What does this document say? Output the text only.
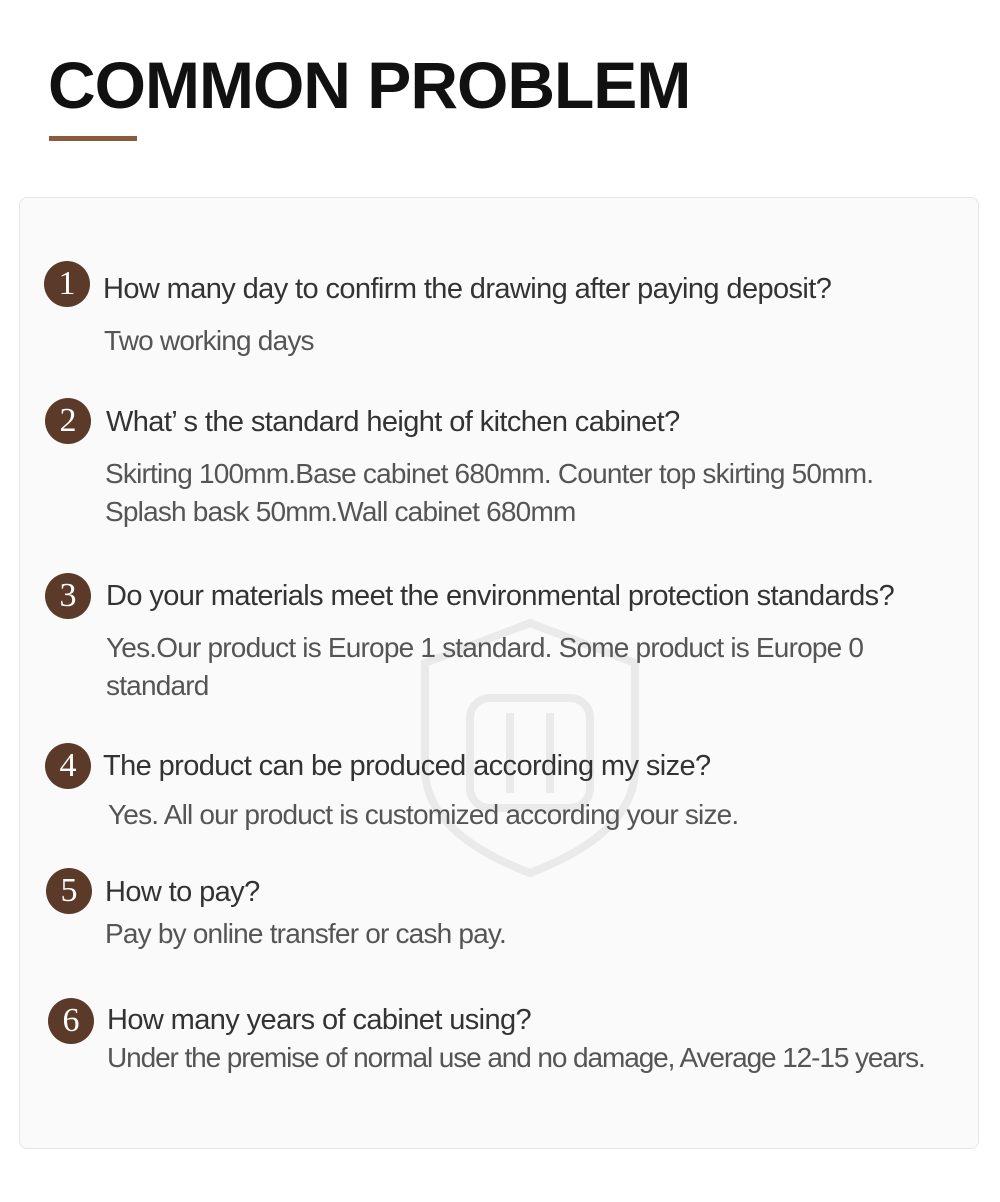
COMMON PROBLEM
1 How many day to confirm the drawing after paying deposit?

Two working days

2	What’ s the standard height of kitchen cabinet?

Skirting 100mm.Base cabinet 680mm. Counter top skirting 50mm. Splash bask 50mm.Wall cabinet 680mm

3	Do your materials meet the environmental protection standards?

Yes.Our product is Europe 1 standard. Some product is Europe 0 standard

4 The product can be produced according my size?

Yes. All our product is customized according your size.

5 How to pay?

Pay by online transfer or cash pay.

6 How many years of cabinet using?

Under the premise of normal use and no damage, Average 12-15 years.
